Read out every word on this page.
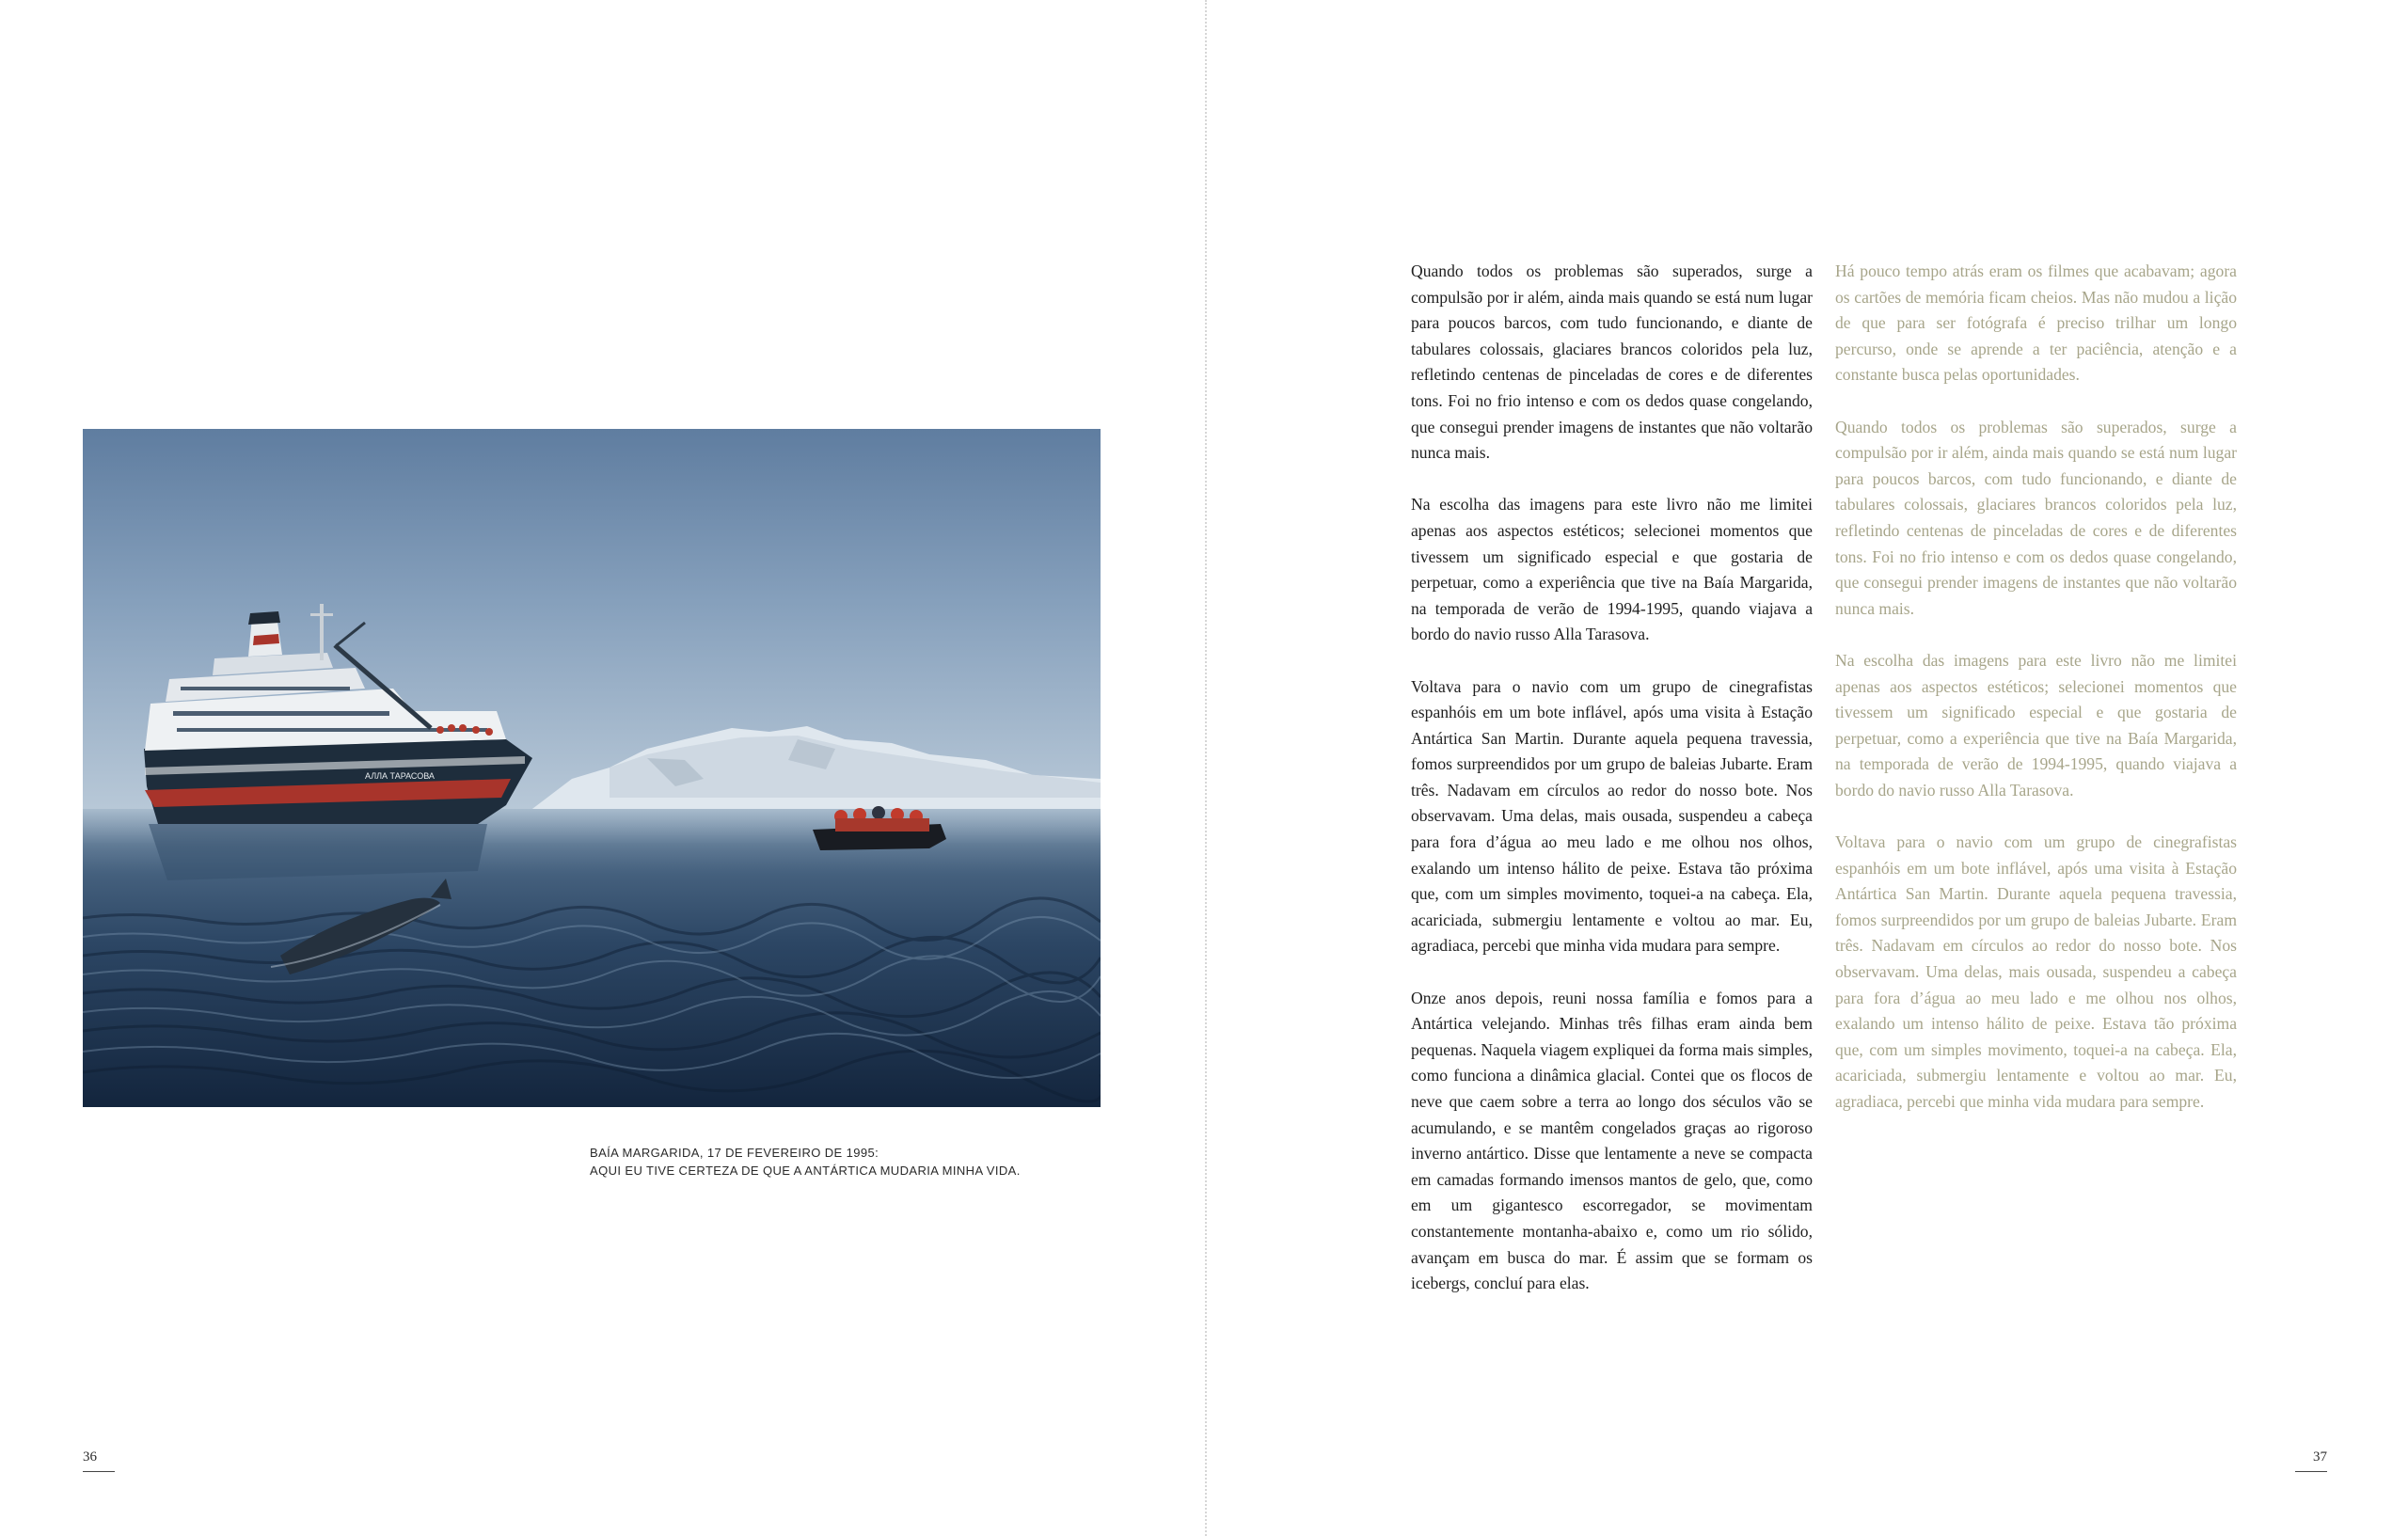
АЛЛА ТАРАСОВА
BAÍA MARGARIDA, 17 DE FEVEREIRO DE 1995:
AQUI EU TIVE CERTEZA DE QUE A ANTÁRTICA MUDARIA MINHA VIDA.
36

Quando todos os problemas são superados, surge a compulsão por ir além, ainda mais quando se está num lugar para poucos barcos, com tudo funcionando, e diante de tabulares colossais, glaciares brancos coloridos pela luz, refletindo centenas de pinceladas de cores e de diferentes tons. Foi no frio intenso e com os dedos quase congelando, que consegui prender imagens de instantes que não voltarão nunca mais.

Na escolha das imagens para este livro não me limitei apenas aos aspectos estéticos; selecionei momentos que tivessem um significado especial e que gostaria de perpetuar, como a experiência que tive na Baía Margarida, na temporada de verão de 1994-1995, quando viajava a bordo do navio russo Alla Tarasova.

Voltava para o navio com um grupo de cinegrafistas espanhóis em um bote inflável, após uma visita à Estação Antártica San Martin. Durante aquela pequena travessia, fomos surpreendidos por um grupo de baleias Jubarte. Eram três. Nadavam em círculos ao redor do nosso bote. Nos observavam. Uma delas, mais ousada, suspendeu a cabeça para fora d’água ao meu lado e me olhou nos olhos, exalando um intenso hálito de peixe. Estava tão próxima que, com um simples movimento, toquei-a na cabeça. Ela, acariciada, submergiu lentamente e voltou ao mar. Eu, agradiaca, percebi que minha vida mudara para sempre.

Onze anos depois, reuni nossa família e fomos para a Antártica velejando. Minhas três filhas eram ainda bem pequenas. Naquela viagem expliquei da forma mais simples, como funciona a dinâmica glacial. Contei que os flocos de neve que caem sobre a terra ao longo dos séculos vão se acumulando, e se mantêm congelados graças ao rigoroso inverno antártico. Disse que lentamente a neve se compacta em camadas formando imensos mantos de gelo, que, como em um gigantesco escorregador, se movimentam constantemente montanha-abaixo e, como um rio sólido, avançam em busca do mar. É assim que se formam os icebergs, concluí para elas.

Há pouco tempo atrás eram os filmes que acabavam; agora os cartões de memória ficam cheios. Mas não mudou a lição de que para ser fotógrafa é preciso trilhar um longo percurso, onde se aprende a ter paciência, atenção e a constante busca pelas oportunidades.

Quando todos os problemas são superados, surge a compulsão por ir além, ainda mais quando se está num lugar para poucos barcos, com tudo funcionando, e diante de tabulares colossais, glaciares brancos coloridos pela luz, refletindo centenas de pinceladas de cores e de diferentes tons. Foi no frio intenso e com os dedos quase congelando, que consegui prender imagens de instantes que não voltarão nunca mais.

Na escolha das imagens para este livro não me limitei apenas aos aspectos estéticos; selecionei momentos que tivessem um significado especial e que gostaria de perpetuar, como a experiência que tive na Baía Margarida, na temporada de verão de 1994-1995, quando viajava a bordo do navio russo Alla Tarasova.

Voltava para o navio com um grupo de cinegrafistas espanhóis em um bote inflável, após uma visita à Estação Antártica San Martin. Durante aquela pequena travessia, fomos surpreendidos por um grupo de baleias Jubarte. Eram três. Nadavam em círculos ao redor do nosso bote. Nos observavam. Uma delas, mais ousada, suspendeu a cabeça para fora d’água ao meu lado e me olhou nos olhos, exalando um intenso hálito de peixe. Estava tão próxima que, com um simples movimento, toquei-a na cabeça. Ela, acariciada, submergiu lentamente e voltou ao mar. Eu, agradiaca, percebi que minha vida mudara para sempre.

37
